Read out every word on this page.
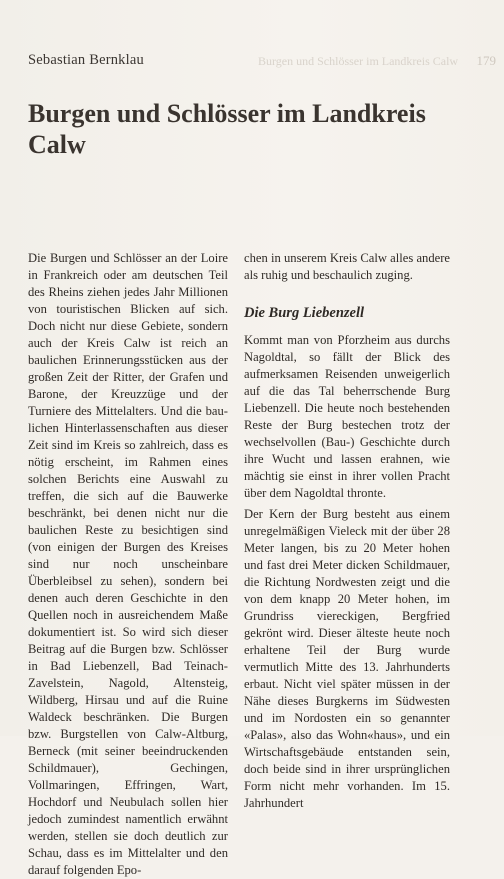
Sebastian Bernklau	Burgen und Schlösser im Landkreis Calw 179
Burgen und Schlösser im Landkreis Calw

Die Burgen und Schlösser an der Loire in Frankreich oder am deutschen Teil des Rheins ziehen jedes Jahr Millionen von touristischen Blicken auf sich. Doch nicht nur diese Gebiete, sondern auch der Kreis Calw ist reich an baulichen Erinnerungsstücken aus der großen Zeit der Ritter, der Grafen und Barone, der Kreuzzüge und der Turniere des Mittelalters. Und die baulichen Hinterlassenschaften aus dieser Zeit sind im Kreis so zahlreich, dass es nötig erscheint, im Rahmen eines solchen Berichts eine Auswahl zu treffen, die sich auf die Bauwerke beschränkt, bei denen nicht nur die baulichen Reste zu besichtigen sind (von einigen der Burgen des Kreises sind nur noch unscheinbare Überbleibsel zu sehen), sondern bei denen auch deren Geschichte in den Quellen noch in ausreichendem Maße dokumentiert ist. So wird sich dieser Beitrag auf die Burgen bzw. Schlösser in Bad Liebenzell, Bad Teinach-Zavelstein, Nagold, Altensteig, Wildberg, Hirsau und auf die Ruine Waldeck beschränken. Die Burgen bzw. Burgstellen von Calw-Altburg, Berneck (mit seiner beeindruckenden Schildmauer), Gechingen, Vollmaringen, Effringen, Wart, Hochdorf und Neubulach sollen hier jedoch zumindest namentlich erwähnt werden, stellen sie doch deutlich zur Schau, dass es im Mittelalter und den darauf folgenden Epo-

chen in unserem Kreis Calw alles andere als ruhig und beschaulich zuging.

Die Burg Liebenzell

Kommt man von Pforzheim aus durchs Nagoldtal, so fällt der Blick des aufmerksamen Reisenden unweigerlich auf die das Tal beherrschende Burg Liebenzell. Die heute noch bestehenden Reste der Burg bestechen trotz der wechselvollen (Bau-) Geschichte durch ihre Wucht und lassen erahnen, wie mächtig sie einst in ihrer vollen Pracht über dem Nagoldtal thronte.

Der Kern der Burg besteht aus einem unregelmäßigen Vieleck mit der über 28 Meter langen, bis zu 20 Meter hohen und fast drei Meter dicken Schildmauer, die Richtung Nordwesten zeigt und die von dem knapp 20 Meter hohen, im Grundriss viereckigen, Bergfried gekrönt wird. Dieser älteste heute noch erhaltene Teil der Burg wurde vermutlich Mitte des 13. Jahrhunderts erbaut. Nicht viel später müssen in der Nähe dieses Burgkerns im Südwesten und im Nordosten ein so genannter «Palas», also das Wohn«haus», und ein Wirtschaftsgebäude entstanden sein, doch beide sind in ihrer ursprünglichen Form nicht mehr vorhanden. Im 15. Jahrhundert
